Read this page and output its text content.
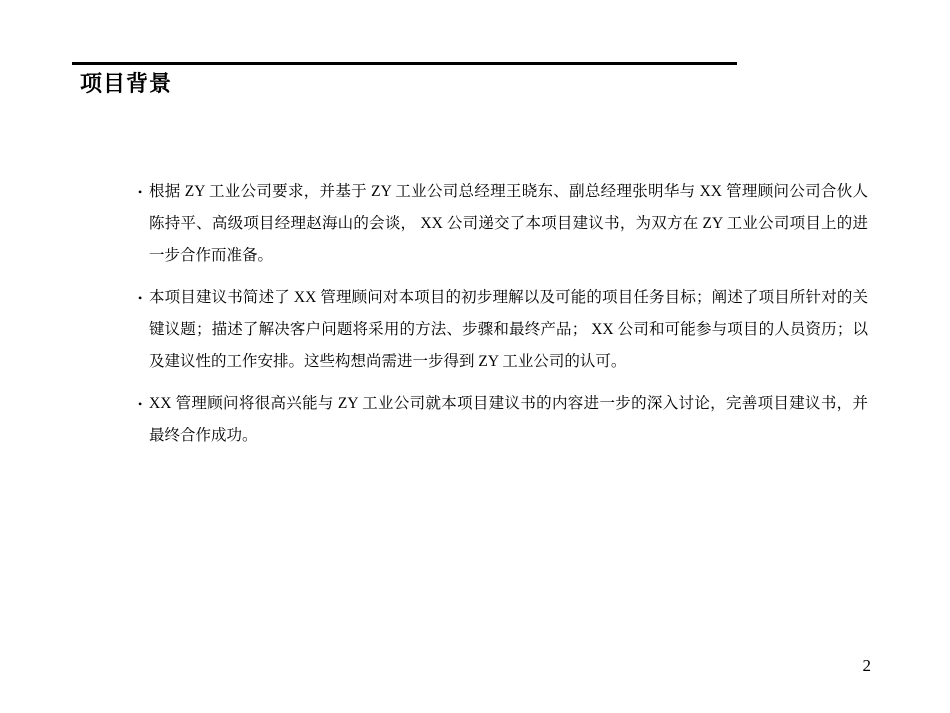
项目背景
• 根据 ZY 工业公司要求，并基于 ZY 工业公司总经理王晓东、副总经理张明华与 XX 管理顾问公司合伙人陈持平、高级项目经理赵海山的会谈， XX 公司递交了本项目建议书，为双方在 ZY 工业公司项目上的进一步合作而准备。
• 本项目建议书简述了 XX 管理顾问对本项目的初步理解以及可能的项目任务目标；阐述了项目所针对的关键议题；描述了解决客户问题将采用的方法、步骤和最终产品； XX 公司和可能参与项目的人员资历；以及建议性的工作安排。这些构想尚需进一步得到 ZY 工业公司的认可。
• XX 管理顾问将很高兴能与 ZY 工业公司就本项目建议书的内容进一步的深入讨论，完善项目建议书，并最终合作成功。
2
